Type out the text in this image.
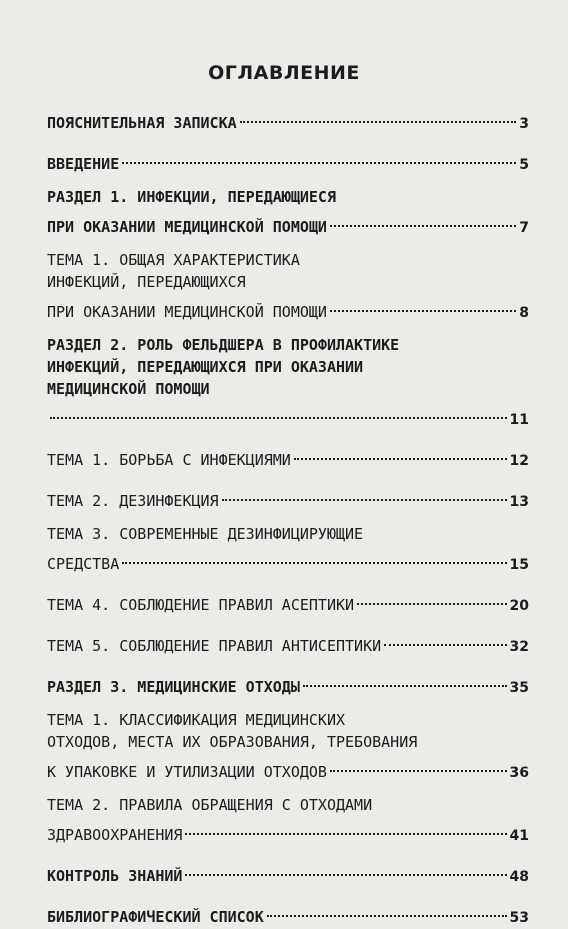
ОГЛАВЛЕНИЕ
ПОЯСНИТЕЛЬНАЯ ЗАПИСКА	3
ВВЕДЕНИЕ	5
РАЗДЕЛ 1. ИНФЕКЦИИ, ПЕРЕДАЮЩИЕСЯ
ПРИ ОКАЗАНИИ МЕДИЦИНСКОЙ ПОМОЩИ	7
ТЕМА 1. ОБЩАЯ ХАРАКТЕРИСТИКА
ИНФЕКЦИЙ, ПЕРЕДАЮЩИХСЯ
ПРИ ОКАЗАНИИ МЕДИЦИНСКОЙ ПОМОЩИ	8
РАЗДЕЛ 2. РОЛЬ ФЕЛЬДШЕРА В ПРОФИЛАКТИКЕ
ИНФЕКЦИЙ, ПЕРЕДАЮЩИХСЯ ПРИ ОКАЗАНИИ
МЕДИЦИНСКОЙ ПОМОЩИ
11
ТЕМА 1. БОРЬБА С ИНФЕКЦИЯМИ	12
ТЕМА 2. ДЕЗИНФЕКЦИЯ	13
ТЕМА 3. СОВРЕМЕННЫЕ ДЕЗИНФИЦИРУЮЩИЕ
СРЕДСТВА	15
ТЕМА 4. СОБЛЮДЕНИЕ ПРАВИЛ АСЕПТИКИ	20
ТЕМА 5. СОБЛЮДЕНИЕ ПРАВИЛ АНТИСЕПТИКИ	32
РАЗДЕЛ 3. МЕДИЦИНСКИЕ ОТХОДЫ	35
ТЕМА 1. КЛАССИФИКАЦИЯ МЕДИЦИНСКИХ
ОТХОДОВ, МЕСТА ИХ ОБРАЗОВАНИЯ, ТРЕБОВАНИЯ
К УПАКОВКЕ И УТИЛИЗАЦИИ ОТХОДОВ	36
ТЕМА 2. ПРАВИЛА ОБРАЩЕНИЯ С ОТХОДАМИ
ЗДРАВООХРАНЕНИЯ	41
КОНТРОЛЬ ЗНАНИЙ	48
БИБЛИОГРАФИЧЕСКИЙ СПИСОК	53
